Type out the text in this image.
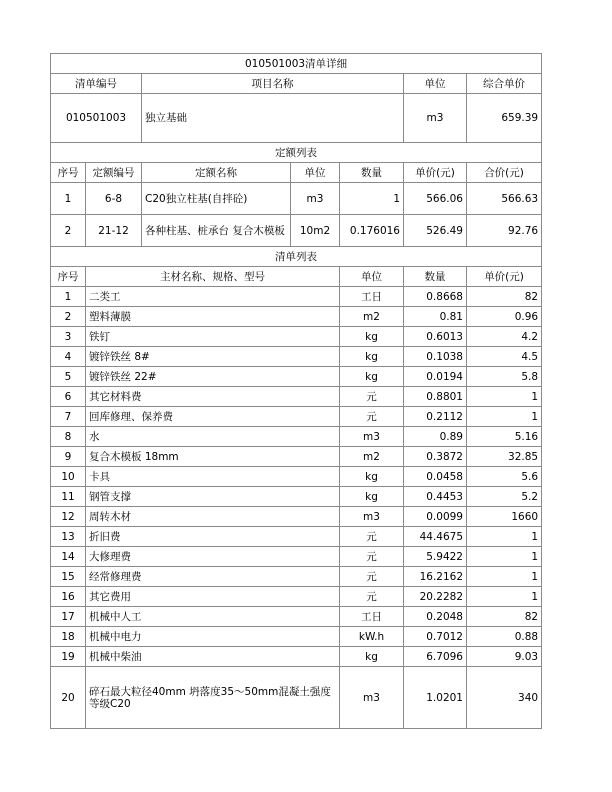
010501003清单详细							
清单编号		项目名称			单位	综合单价	
010501003		独立基础			m3	659.39	
定额列表							
序号	定额编号	定额名称	单位	数量	单价(元)	合价(元)	
1	6-8	C20独立柱基(自拌砼)	m3	1	566.06	566.63	
2	21-12	各种柱基、桩承台 复合木模板	10m2	0.176016	526.49	92.76	
清单列表							
序号	主材名称、规格、型号			单位	数量	单价(元)	
1	二类工			工日	0.8668	82	
2	塑料薄膜			m2	0.81	0.96	
3	铁钉			kg	0.6013	4.2	
4	镀锌铁丝 8#			kg	0.1038	4.5	
5	镀锌铁丝 22#			kg	0.0194	5.8	
6	其它材料费			元	0.8801	1	
7	回库修理、保养费			元	0.2112	1	
8	水			m3	0.89	5.16	
9	复合木模板 18mm			m2	0.3872	32.85	
10	卡具			kg	0.0458	5.6	
11	钢管支撑			kg	0.4453	5.2	
12	周转木材			m3	0.0099	1660	
13	折旧费			元	44.4675	1	
14	大修理费			元	5.9422	1	
15	经常修理费			元	16.2162	1	
16	其它费用			元	20.2282	1	
17	机械中人工			工日	0.2048	82	
18	机械中电力			kW.h	0.7012	0.88	
19	机械中柴油			kg	6.7096	9.03	
20	碎石最大粒径40mm 坍落度35～50mm混凝土强度等级C20			m3	1.0201	340	
